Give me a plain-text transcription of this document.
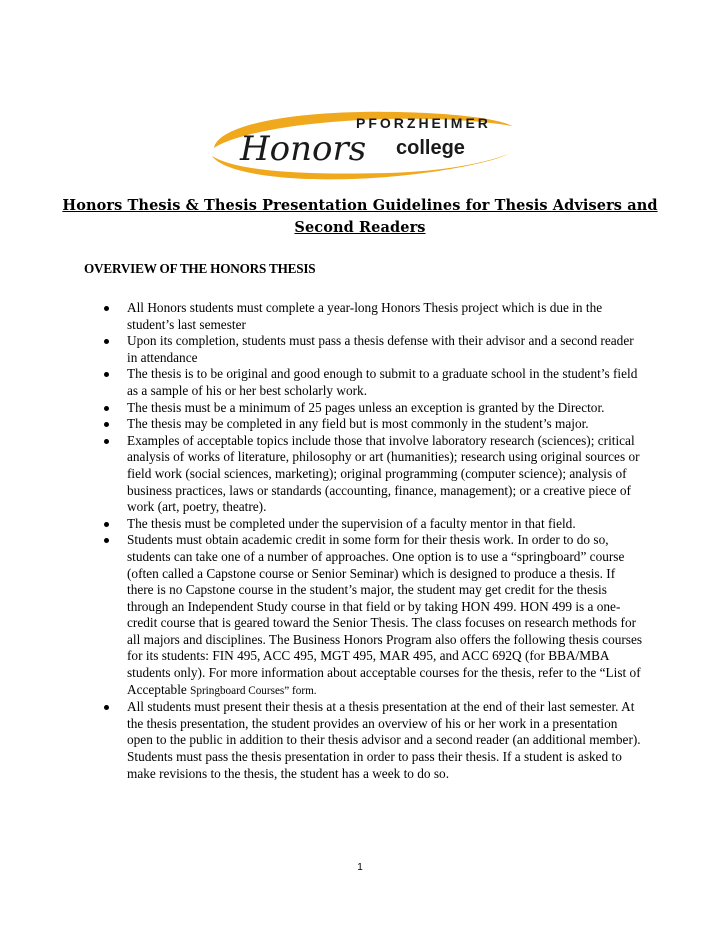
PFORZHEIMER
Honors college
Honors Thesis & Thesis Presentation Guidelines for Thesis Advisers and Second Readers
OVERVIEW OF THE HONORS THESIS
All Honors students must complete a year-long Honors Thesis project which is due in the student’s last semester
Upon its completion, students must pass a thesis defense with their advisor and a second reader in attendance
The thesis is to be original and good enough to submit to a graduate school in the student’s field as a sample of his or her best scholarly work.
The thesis must be a minimum of 25 pages unless an exception is granted by the Director.
The thesis may be completed in any field but is most commonly in the student’s major.
Examples of acceptable topics include those that involve laboratory research (sciences); critical analysis of works of literature, philosophy or art (humanities); research using original sources or field work (social sciences, marketing); original programming (computer science); analysis of business practices, laws or standards (accounting, finance, management); or a creative piece of work (art, poetry, theatre).
The thesis must be completed under the supervision of a faculty mentor in that field.
Students must obtain academic credit in some form for their thesis work. In order to do so, students can take one of a number of approaches. One option is to use a “springboard” course (often called a Capstone course or Senior Seminar) which is designed to produce a thesis. If there is no Capstone course in the student’s major, the student may get credit for the thesis through an Independent Study course in that field or by taking HON 499. HON 499 is a one-credit course that is geared toward the Senior Thesis. The class focuses on research methods for all majors and disciplines. The Business Honors Program also offers the following thesis courses for its students: FIN 495, ACC 495, MGT 495, MAR 495, and ACC 692Q (for BBA/MBA students only). For more information about acceptable courses for the thesis, refer to the “List of Acceptable Springboard Courses” form.
All students must present their thesis at a thesis presentation at the end of their last semester. At the thesis presentation, the student provides an overview of his or her work in a presentation open to the public in addition to their thesis advisor and a second reader (an additional member). Students must pass the thesis presentation in order to pass their thesis. If a student is asked to make revisions to the thesis, the student has a week to do so.
1
